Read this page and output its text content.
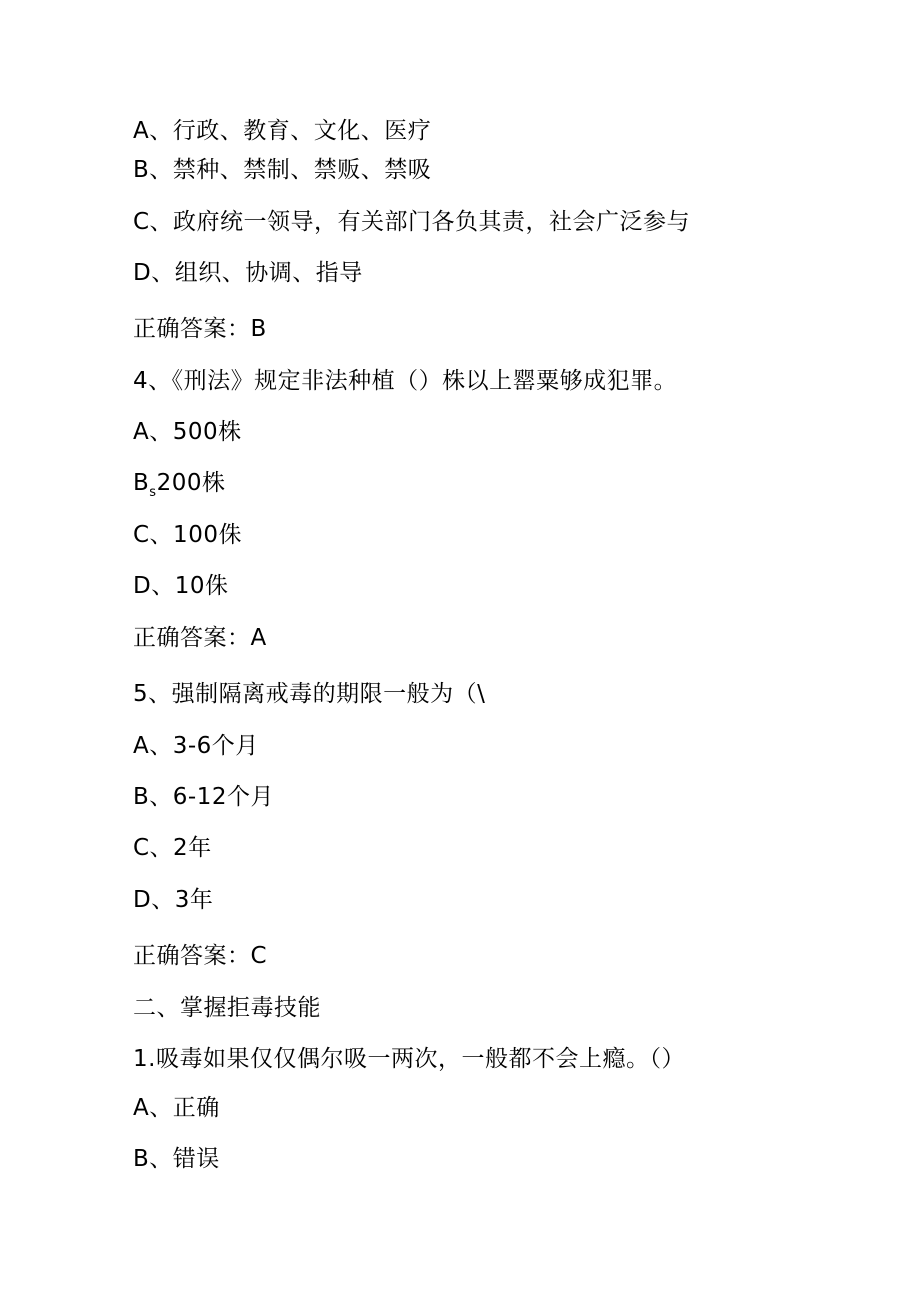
A、行政、教育、文化、医疗
B、禁种、禁制、禁贩、禁吸
C、政府统一领导，有关部门各负其责，社会广泛参与
D、组织、协调、指导
正确答案：B
4、《刑法》规定非法种植（）株以上罂粟够成犯罪。
A、500株
$B_s200$株
C、100侏
D、10侏
正确答案：A
5、强制隔离戒毒的期限一般为（\
A、3-6个月
B、6-12个月
C、2年
D、3年
正确答案：C
二、掌握拒毒技能
1.吸毒如果仅仅偶尔吸一两次，一般都不会上瘾。（）
A、正确
B、错误
